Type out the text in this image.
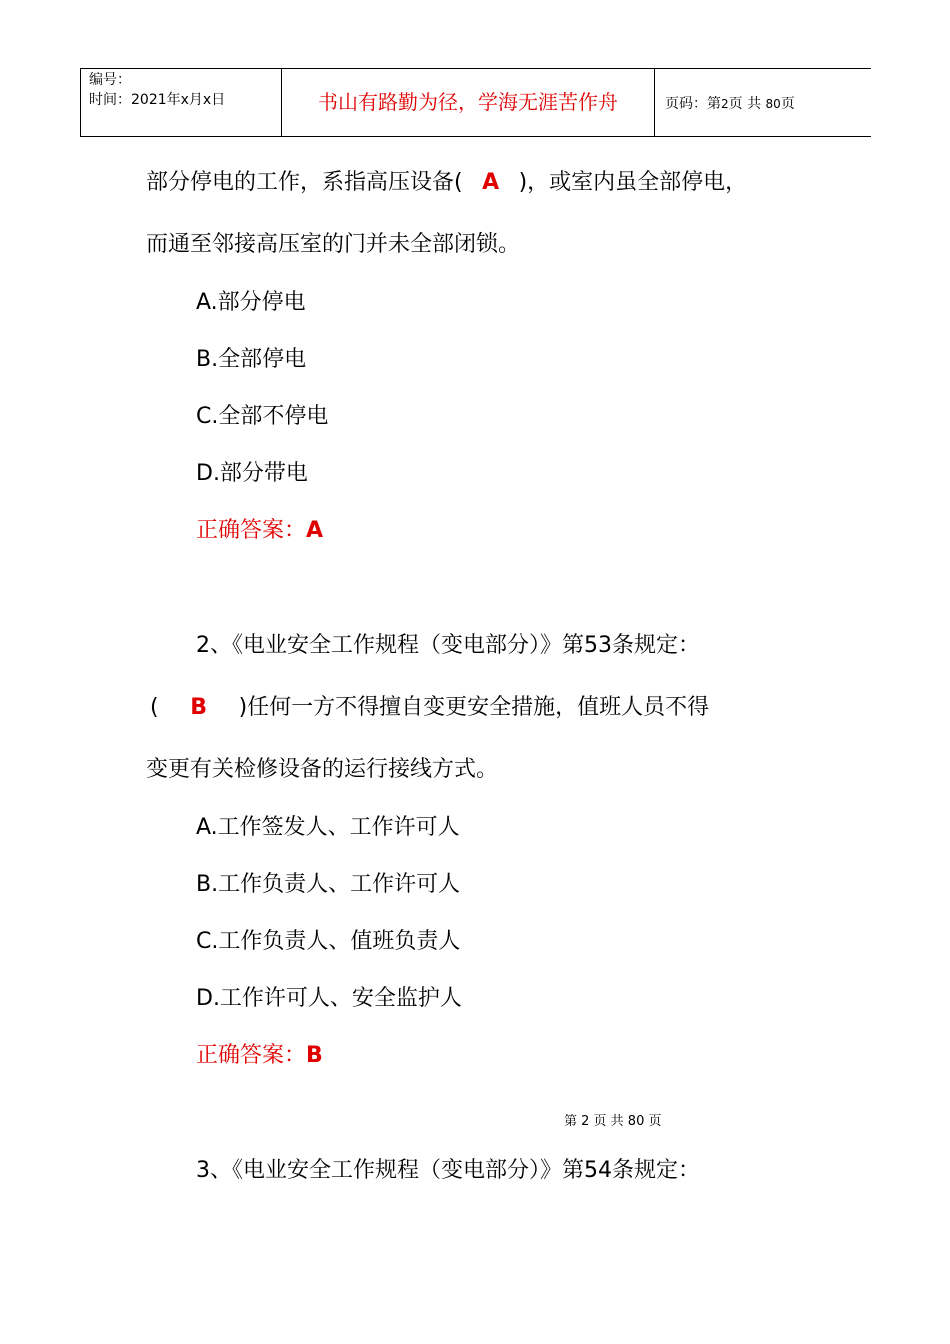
编号：
时间：2021年x月x日	书山有路勤为径，学海无涯苦作舟	页码：第2页 共 80页
部分停电的工作，系指高压设备( A )，或室内虽全部停电，
而通至邻接高压室的门并未全部闭锁。
A.部分停电
B.全部停电
C.全部不停电
D.部分带电
正确答案：A
2、《电业安全工作规程（变电部分）》第53条规定：
( B )任何一方不得擅自变更安全措施，值班人员不得
变更有关检修设备的运行接线方式。
A.工作签发人、工作许可人
B.工作负责人、工作许可人
C.工作负责人、值班负责人
D.工作许可人、安全监护人
正确答案：B
第 2 页 共 80 页
3、《电业安全工作规程（变电部分）》第54条规定：
